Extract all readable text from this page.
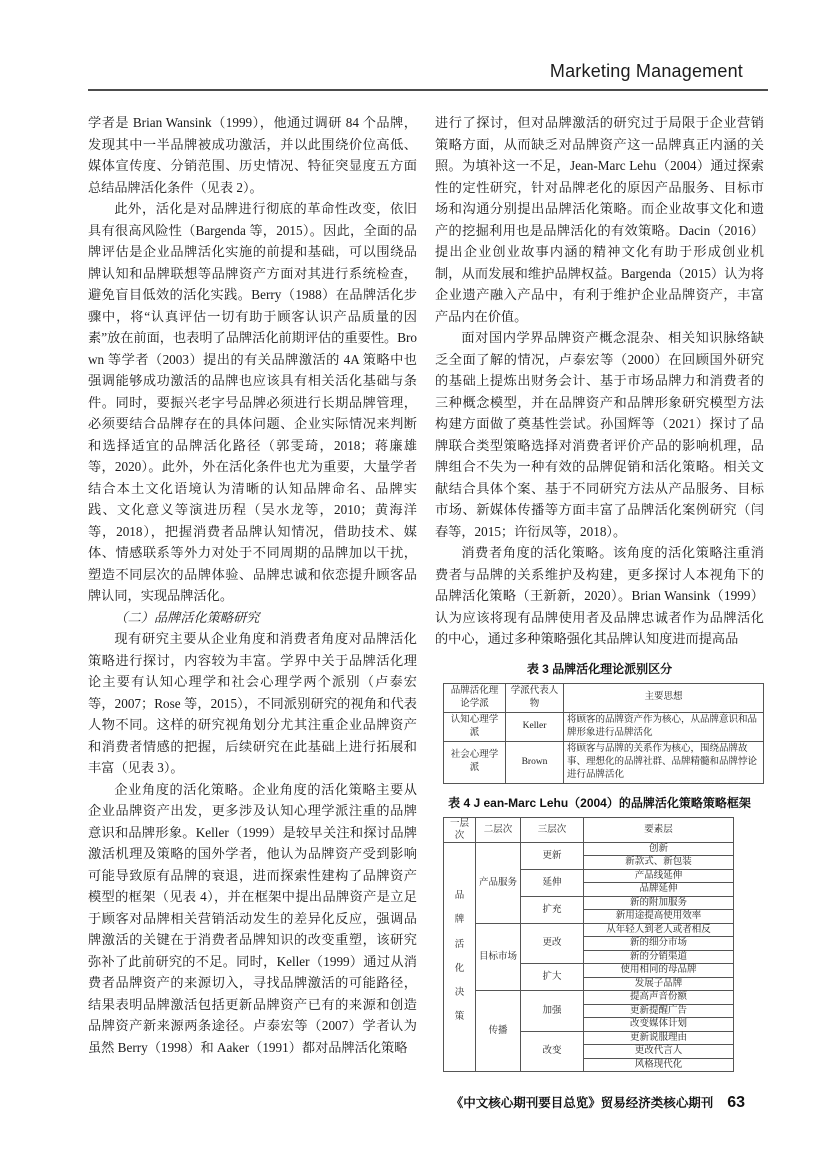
Marketing Management

学者是 Brian Wansink（1999），他通过调研 84 个品牌，发现其中一半品牌被成功激活，并以此围绕价位高低、媒体宣传度、分销范围、历史情况、特征突显度五方面总结品牌活化条件（见表 2）。

此外，活化是对品牌进行彻底的革命性改变，依旧具有很高风险性（Bargenda 等，2015）。因此，全面的品牌评估是企业品牌活化实施的前提和基础，可以围绕品牌认知和品牌联想等品牌资产方面对其进行系统检查，避免盲目低效的活化实践。Berry（1988）在品牌活化步骤中，将“认真评估一切有助于顾客认识产品质量的因素”放在前面，也表明了品牌活化前期评估的重要性。Brown 等学者（2003）提出的有关品牌激活的 4A 策略中也强调能够成功激活的品牌也应该具有相关活化基础与条件。同时，要振兴老字号品牌必须进行长期品牌管理，必须要结合品牌存在的具体问题、企业实际情况来判断和选择适宜的品牌活化路径（郭雯琦，2018；蒋廉雄等，2020）。此外，外在活化条件也尤为重要，大量学者结合本土文化语境认为清晰的认知品牌命名、品牌实践、文化意义等演进历程（吴水龙等，2010；黄海洋等，2018），把握消费者品牌认知情况，借助技术、媒体、情感联系等外力对处于不同周期的品牌加以干扰，塑造不同层次的品牌体验、品牌忠诚和依恋提升顾客品牌认同，实现品牌活化。

（二）品牌活化策略研究

现有研究主要从企业角度和消费者角度对品牌活化策略进行探讨，内容较为丰富。学界中关于品牌活化理论主要有认知心理学和社会心理学两个派别（卢泰宏等，2007；Rose 等，2015），不同派别研究的视角和代表人物不同。这样的研究视角划分尤其注重企业品牌资产和消费者情感的把握，后续研究在此基础上进行拓展和丰富（见表 3）。

企业角度的活化策略。企业角度的活化策略主要从企业品牌资产出发，更多涉及认知心理学派注重的品牌意识和品牌形象。Keller（1999）是较早关注和探讨品牌激活机理及策略的国外学者，他认为品牌资产受到影响可能导致原有品牌的衰退，进而探索性建构了品牌资产模型的框架（见表 4），并在框架中提出品牌资产是立足于顾客对品牌相关营销活动发生的差异化反应，强调品牌激活的关键在于消费者品牌知识的改变重塑，该研究弥补了此前研究的不足。同时，Keller（1999）通过从消费者品牌资产的来源切入，寻找品牌激活的可能路径，结果表明品牌激活包括更新品牌资产已有的来源和创造品牌资产新来源两条途径。卢泰宏等（2007）学者认为虽然 Berry（1998）和 Aaker（1991）都对品牌活化策略

进行了探讨，但对品牌激活的研究过于局限于企业营销策略方面，从而缺乏对品牌资产这一品牌真正内涵的关照。为填补这一不足，Jean-Marc Lehu（2004）通过探索性的定性研究，针对品牌老化的原因产品服务、目标市场和沟通分别提出品牌活化策略。而企业故事文化和遗产的挖掘利用也是品牌活化的有效策略。Dacin（2016）提出企业创业故事内涵的精神文化有助于形成创业机制，从而发展和维护品牌权益。Bargenda（2015）认为将企业遗产融入产品中，有利于维护企业品牌资产，丰富产品内在价值。

面对国内学界品牌资产概念混杂、相关知识脉络缺乏全面了解的情况，卢泰宏等（2000）在回顾国外研究的基础上提炼出财务会计、基于市场品牌力和消费者的三种概念模型，并在品牌资产和品牌形象研究模型方法构建方面做了奠基性尝试。孙国辉等（2021）探讨了品牌联合类型策略选择对消费者评价产品的影响机理，品牌组合不失为一种有效的品牌促销和活化策略。相关文献结合具体个案、基于不同研究方法从产品服务、目标市场、新媒体传播等方面丰富了品牌活化案例研究（闫春等，2015；许衍凤等，2018）。

消费者角度的活化策略。该角度的活化策略注重消费者与品牌的关系维护及构建，更多探讨人本视角下的品牌活化策略（王新新，2020）。Brian Wansink（1999）认为应该将现有品牌使用者及品牌忠诚者作为品牌活化的中心，通过多种策略强化其品牌认知度进而提高品

表 3 品牌活化理论派别区分
品牌活化理论学派	学派代表人物	主要思想
认知心理学派	Keller	将顾客的品牌资产作为核心，从品牌意识和品牌形象进行品牌活化
社会心理学派	Brown	将顾客与品牌的关系作为核心，围绕品牌故事、理想化的品牌社群、品牌精髓和品牌悖论进行品牌活化
表 4 J ean-Marc Lehu（2004）的品牌活化策略策略框架
一层次	二层次	三层次	要素层
品牌活化决策	产品服务	更新	创新
			新款式、新包装
		延伸	产品线延伸
			品牌延伸
		扩充	新的附加服务
			新用途提高使用效率
	目标市场	更改	从年轻人到老人或者相反
			新的细分市场
			新的分销渠道
		扩大	使用相同的母品牌
			发展子品牌
	传播	加强	提高声音份额
			更新提醒广告
			改变媒体计划
		改变	更新说服理由
			更改代言人
			风格现代化
《中文核心期刊要目总览》贸易经济类核心期刊 63
